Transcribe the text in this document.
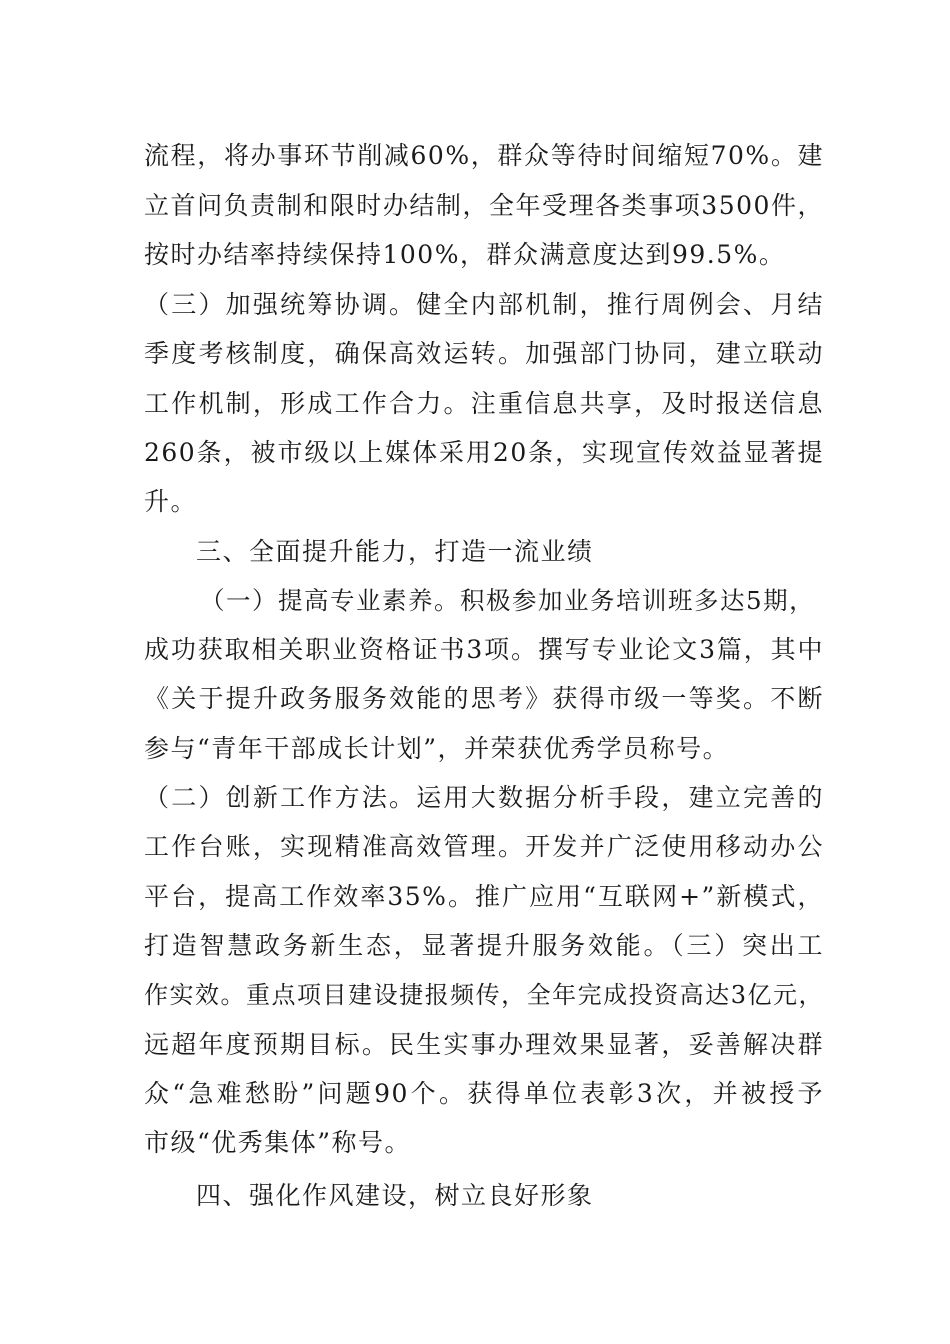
流程，将办事环节削减60%，群众等待时间缩短70%。建
立首问负责制和限时办结制，全年受理各类事项3500件，
按时办结率持续保持100%，群众满意度达到99.5%。
（三）加强统筹协调。健全内部机制，推行周例会、月结
季度考核制度，确保高效运转。加强部门协同，建立联动
工作机制，形成工作合力。注重信息共享，及时报送信息
260条，被市级以上媒体采用20条，实现宣传效益显著提
升。
三、全面提升能力，打造一流业绩
（一）提高专业素养。积极参加业务培训班多达5期，
成功获取相关职业资格证书3项。撰写专业论文3篇，其中
《关于提升政务服务效能的思考》获得市级一等奖。不断
参与“青年干部成长计划”，并荣获优秀学员称号。
（二）创新工作方法。运用大数据分析手段，建立完善的
工作台账，实现精准高效管理。开发并广泛使用移动办公
平台，提高工作效率35%。推广应用“互联网+”新模式，
打造智慧政务新生态，显著提升服务效能。（三）突出工
作实效。重点项目建设捷报频传，全年完成投资高达3亿元，
远超年度预期目标。民生实事办理效果显著，妥善解决群
众“急难愁盼”问题90个。获得单位表彰3次，并被授予
市级“优秀集体”称号。
四、强化作风建设，树立良好形象
